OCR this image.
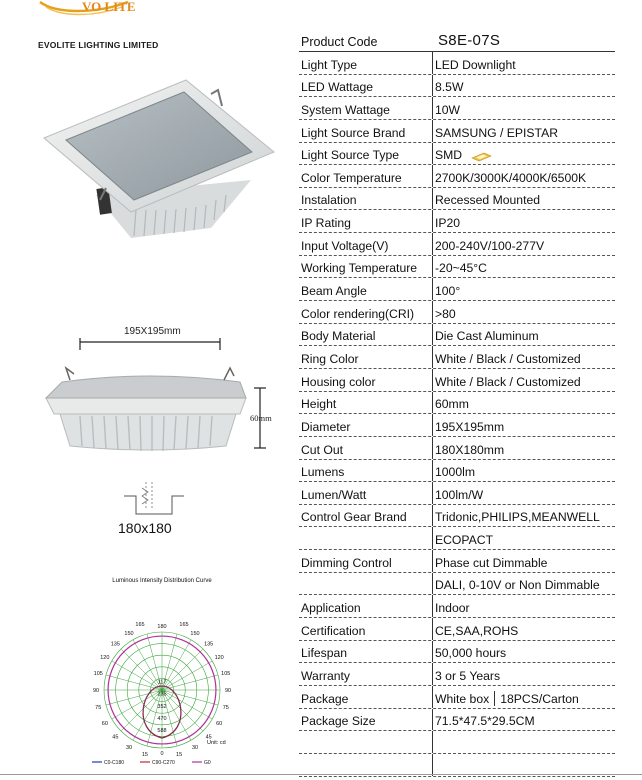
VO LITE
EVOLITE LIGHTING LIMITED
195X195mm
60mm
180x180
Luminous Intensity Distribution Curve
165 180 165
150	150
135	135
120	120
105	105
90	90
75	75
60	60
45	45
30	30
15	15
117
235
352
470
588
0
Unit: cd
C0-C180	C90-C270	G0
Product Code	S8E-07S
Light Type	LED Downlight
LED Wattage	8.5W
System Wattage	10W
Light Source Brand	SAMSUNG / EPISTAR
Light Source Type	SMD
Color Temperature	2700K/3000K/4000K/6500K
Instalation	Recessed Mounted
IP Rating	IP20
Input Voltage(V)	200-240V/100-277V
Working Temperature	-20~45°C
Beam Angle	100°
Color rendering(CRI)	>80
Body Material	Die Cast Aluminum
Ring Color	White / Black / Customized
Housing color	White / Black / Customized
Height	60mm
Diameter	195X195mm
Cut Out	180X180mm
Lumens	1000lm
Lumen/Watt	100lm/W
Control Gear Brand	Tridonic,PHILIPS,MEANWELL
ECOPACT
Dimming Control	Phase cut Dimmable
DALI, 0-10V or Non Dimmable
Application	Indoor
Certification	CE,SAA,ROHS
Lifespan	50,000 hours
Warranty	3 or 5 Years
Package	White box 18PCS/Carton
Package Size	71.5*47.5*29.5CM
